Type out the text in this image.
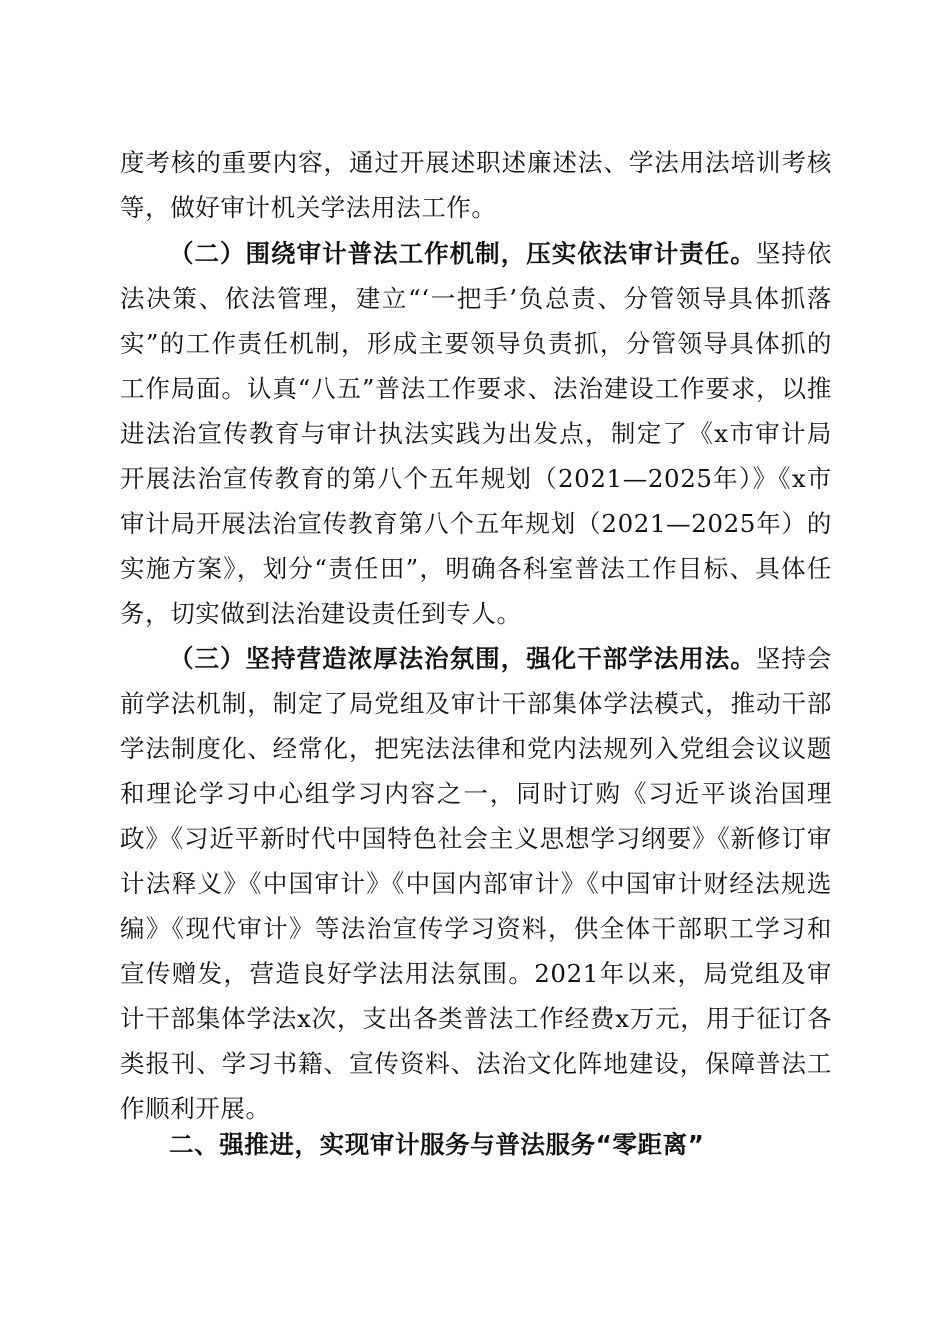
度考核的重要内容，通过开展述职述廉述法、学法用法培训考核等，做好审计机关学法用法工作。

（二）围绕审计普法工作机制，压实依法审计责任。坚持依法决策、依法管理，建立“‘一把手’负总责、分管领导具体抓落实”的工作责任机制，形成主要领导负责抓，分管领导具体抓的工作局面。认真“八五”普法工作要求、法治建设工作要求，以推进法治宣传教育与审计执法实践为出发点，制定了《x市审计局开展法治宣传教育的第八个五年规划（2021—2025年）》《x市审计局开展法治宣传教育第八个五年规划（2021—2025年）的实施方案》，划分“责任田”，明确各科室普法工作目标、具体任务，切实做到法治建设责任到专人。

（三）坚持营造浓厚法治氛围，强化干部学法用法。坚持会前学法机制，制定了局党组及审计干部集体学法模式，推动干部学法制度化、经常化，把宪法法律和党内法规列入党组会议议题和理论学习中心组学习内容之一，同时订购《习近平谈治国理政》《习近平新时代中国特色社会主义思想学习纲要》《新修订审计法释义》《中国审计》《中国内部审计》《中国审计财经法规选编》《现代审计》等法治宣传学习资料，供全体干部职工学习和宣传赠发，营造良好学法用法氛围。2021年以来，局党组及审计干部集体学法x次，支出各类普法工作经费x万元，用于征订各类报刊、学习书籍、宣传资料、法治文化阵地建设，保障普法工作顺利开展。

二、强推进，实现审计服务与普法服务“零距离”
